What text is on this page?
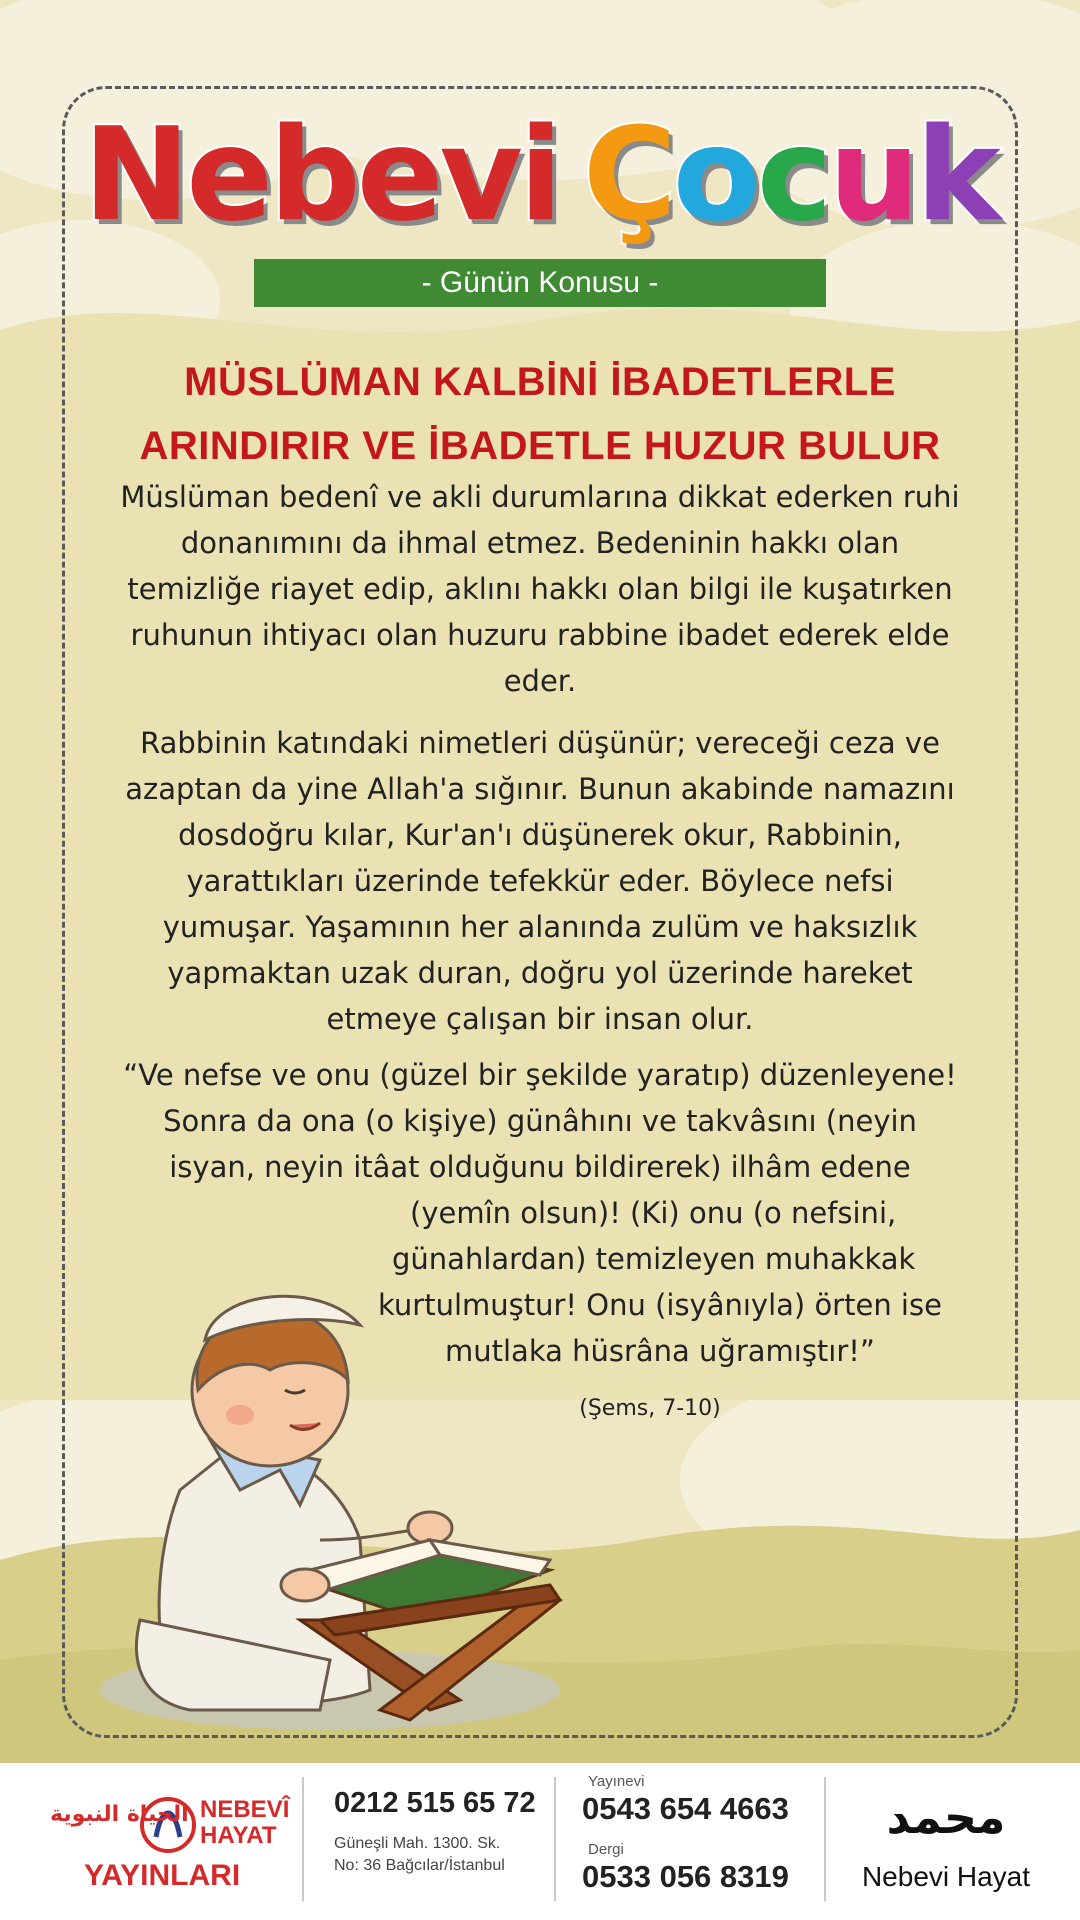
Nebevi Çocuk
- Günün Konusu -
MÜSLÜMAN KALBİNİ İBADETLERLE
ARINDIRIR VE İBADETLE HUZUR BULUR

Müslüman bedenî ve akli durumlarına dikkat ederken ruhi donanımını da ihmal etmez. Bedeninin hakkı olan temizliğe riayet edip, aklını hakkı olan bilgi ile kuşatırken ruhunun ihtiyacı olan huzuru rabbine ibadet ederek elde eder.

Rabbinin katındaki nimetleri düşünür; vereceği ceza ve azaptan da yine Allah'a sığınır. Bunun akabinde namazını dosdoğru kılar, Kur'an'ı düşünerek okur, Rabbinin, yarattıkları üzerinde tefekkür eder. Böylece nefsi yumuşar. Yaşamının her alanında zulüm ve haksızlık yapmaktan uzak duran, doğru yol üzerinde hareket etmeye çalışan bir insan olur.

“Ve nefse ve onu (güzel bir şekilde yaratıp) düzenleyene!
Sonra da ona (o kişiye) günâhını ve takvâsını (neyin
isyan, neyin itâat olduğunu bildirerek) ilhâm edene
(yemîn olsun)! (Ki) onu (o nefsini,
günahlardan) temizleyen muhakkak
kurtulmuştur! Onu (isyânıyla) örten ise
mutlaka hüsrâna uğramıştır!”
(Şems, 7-10)
الحياة النبوية NEBEVÎ
HAYAT
YAYINLARI
0212 515 65 72
Güneşli Mah. 1300. Sk.
No: 36 Bağcılar/İstanbul
Yayınevi
0543 654 4663
Dergi
0533 056 8319
محمد
Nebevi Hayat
